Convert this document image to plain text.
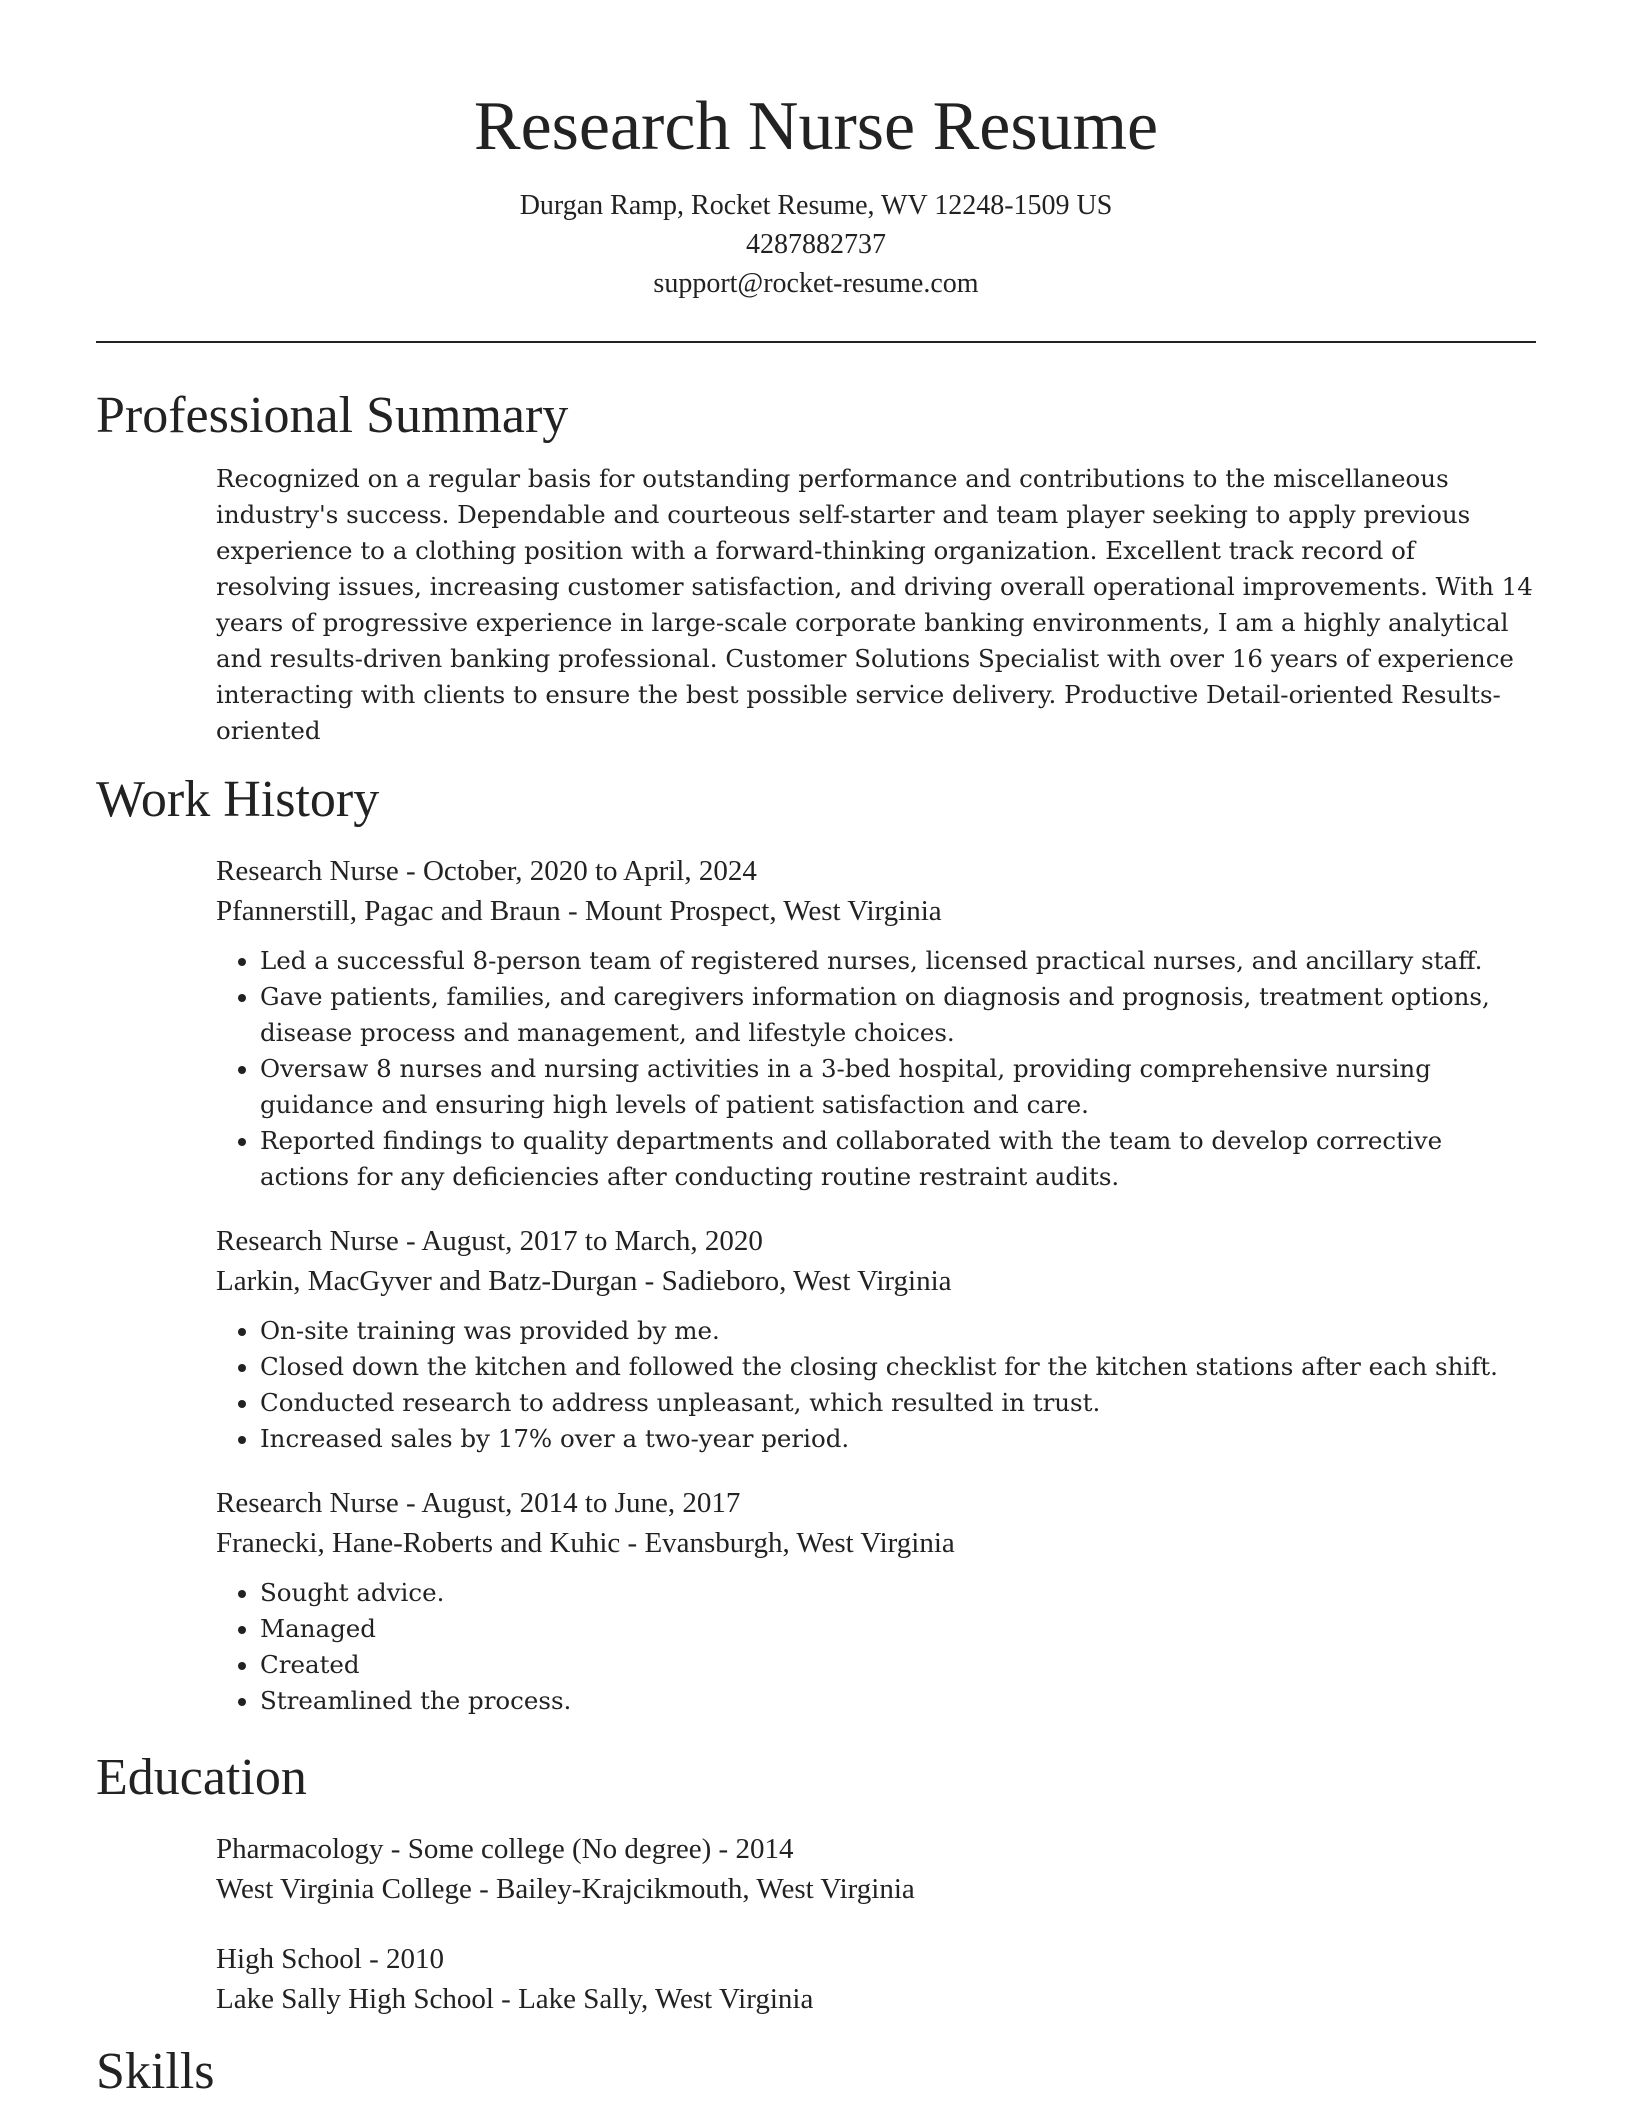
Research Nurse Resume
Durgan Ramp, Rocket Resume, WV 12248-1509 US
4287882737
support@rocket-resume.com
Professional Summary
Recognized on a regular basis for outstanding performance and contributions to the miscellaneous industry's success. Dependable and courteous self-starter and team player seeking to apply previous experience to a clothing position with a forward-thinking organization. Excellent track record of resolving issues, increasing customer satisfaction, and driving overall operational improvements. With 14 years of progressive experience in large-scale corporate banking environments, I am a highly analytical and results-driven banking professional. Customer Solutions Specialist with over 16 years of experience interacting with clients to ensure the best possible service delivery. Productive Detail-oriented Results-oriented
Work History
Research Nurse - October, 2020 to April, 2024
Pfannerstill, Pagac and Braun - Mount Prospect, West Virginia
• Led a successful 8-person team of registered nurses, licensed practical nurses, and ancillary staff.
• Gave patients, families, and caregivers information on diagnosis and prognosis, treatment options, disease process and management, and lifestyle choices.
• Oversaw 8 nurses and nursing activities in a 3-bed hospital, providing comprehensive nursing guidance and ensuring high levels of patient satisfaction and care.
• Reported findings to quality departments and collaborated with the team to develop corrective actions for any deficiencies after conducting routine restraint audits.
Research Nurse - August, 2017 to March, 2020
Larkin, MacGyver and Batz-Durgan - Sadieboro, West Virginia
• On-site training was provided by me.
• Closed down the kitchen and followed the closing checklist for the kitchen stations after each shift.
• Conducted research to address unpleasant, which resulted in trust.
• Increased sales by 17% over a two-year period.
Research Nurse - August, 2014 to June, 2017
Franecki, Hane-Roberts and Kuhic - Evansburgh, West Virginia
• Sought advice.
• Managed
• Created
• Streamlined the process.
Education
Pharmacology - Some college (No degree) - 2014
West Virginia College - Bailey-Krajcikmouth, West Virginia
High School - 2010
Lake Sally High School - Lake Sally, West Virginia
Skills
